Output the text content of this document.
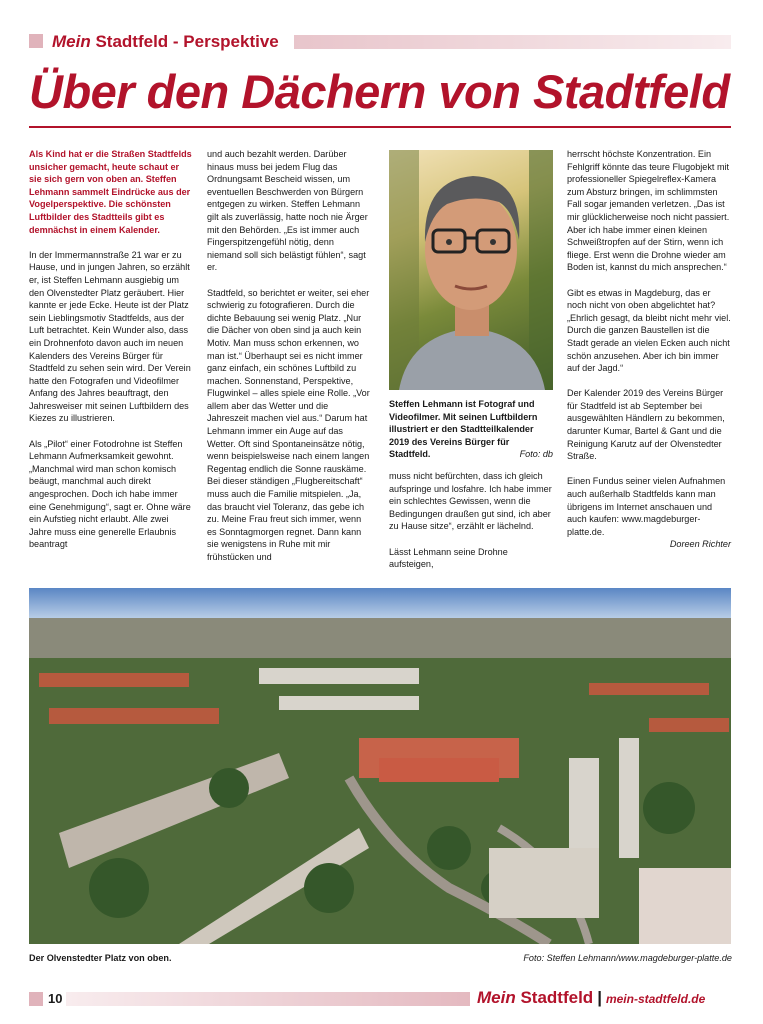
Mein Stadtfeld - Perspektive
Über den Dächern von Stadtfeld

Als Kind hat er die Straßen Stadtfelds unsicher gemacht, heute schaut er sie sich gern von oben an. Steffen Lehmann sammelt Eindrücke aus der Vogelperspektive. Die schönsten Luftbilder des Stadtteils gibt es demnächst in einem Kalender.

In der Immermannstraße 21 war er zu Hause, und in jungen Jahren, so erzählt er, ist Steffen Lehmann ausgiebig um den Olvenstedter Platz geräubert. Hier kannte er jede Ecke. Heute ist der Platz sein Lieblingsmotiv Stadtfelds, aus der Luft betrachtet. Kein Wunder also, dass ein Drohnenfoto davon auch im neuen Kalenders des Vereins Bürger für Stadtfeld zu sehen sein wird. Der Verein hatte den Fotografen und Videofilmer Anfang des Jahres beauftragt, den Jahresweiser mit seinen Luftbildern des Kiezes zu illustrieren.

Als „Pilot“ einer Fotodrohne ist Steffen Lehmann Aufmerksamkeit gewohnt. „Manchmal wird man schon komisch beäugt, manchmal auch direkt angesprochen. Doch ich habe immer eine Genehmigung“, sagt er. Ohne wäre ein Aufstieg nicht erlaubt. Alle zwei Jahre muss eine generelle Erlaubnis beantragt

und auch bezahlt werden. Darüber hinaus muss bei jedem Flug das Ordnungsamt Bescheid wissen, um eventuellen Beschwerden von Bürgern entgegen zu wirken. Steffen Lehmann gilt als zuverlässig, hatte noch nie Ärger mit den Behörden. „Es ist immer auch Fingerspitzengefühl nötig, denn niemand soll sich belästigt fühlen“, sagt er.

Stadtfeld, so berichtet er weiter, sei eher schwierig zu fotografieren. Durch die dichte Bebauung sei wenig Platz. „Nur die Dächer von oben sind ja auch kein Motiv. Man muss schon erkennen, wo man ist.“ Überhaupt sei es nicht immer ganz einfach, ein schönes Luftbild zu machen. Sonnenstand, Perspektive, Flugwinkel – alles spiele eine Rolle. „Vor allem aber das Wetter und die Jahreszeit machen viel aus.“ Darum hat Lehmann immer ein Auge auf das Wetter. Oft sind Spontaneinsätze nötig, wenn beispielsweise nach einem langen Regentag endlich die Sonne rauskäme. Bei dieser ständigen „Flugbereitschaft“ muss auch die Familie mitspielen. „Ja, das braucht viel Toleranz, das gebe ich zu. Meine Frau freut sich immer, wenn es Sonntagmorgen regnet. Dann kann sie wenigstens in Ruhe mit mir frühstücken und

Steffen Lehmann ist Fotograf und Videofilmer. Mit seinen Luftbildern illustriert er den Stadtteilkalender 2019 des Vereins Bürger für Stadtfeld.	Foto: db

muss nicht befürchten, dass ich gleich aufspringe und losfahre. Ich habe immer ein schlechtes Gewissen, wenn die Bedingungen draußen gut sind, ich aber zu Hause sitze“, erzählt er lächelnd.

Lässt Lehmann seine Drohne aufsteigen,

herrscht höchste Konzentration. Ein Fehlgriff könnte das teure Flugobjekt mit professioneller Spiegelreflex-Kamera zum Absturz bringen, im schlimmsten Fall sogar jemanden verletzen. „Das ist mir glücklicherweise noch nicht passiert. Aber ich habe immer einen kleinen Schweißtropfen auf der Stirn, wenn ich fliege. Erst wenn die Drohne wieder am Boden ist, kannst du mich ansprechen.“

Gibt es etwas in Magdeburg, das er noch nicht von oben abgelichtet hat? „Ehrlich gesagt, da bleibt nicht mehr viel. Durch die ganzen Baustellen ist die Stadt gerade an vielen Ecken auch nicht schön anzusehen. Aber ich bin immer auf der Jagd.“

Der Kalender 2019 des Vereins Bürger für Stadtfeld ist ab September bei ausgewählten Händlern zu bekommen, darunter Kumar, Bartel & Gant und die Reinigung Karutz auf der Olvenstedter Straße.

Einen Fundus seiner vielen Aufnahmen auch außerhalb Stadtfelds kann man übrigens im Internet anschauen und auch kaufen: www.magdeburger-platte.de.

Doreen Richter
Der Olvenstedter Platz von oben.	Foto: Steffen Lehmann/www.magdeburger-platte.de
10	Mein Stadtfeld | mein-stadtfeld.de
